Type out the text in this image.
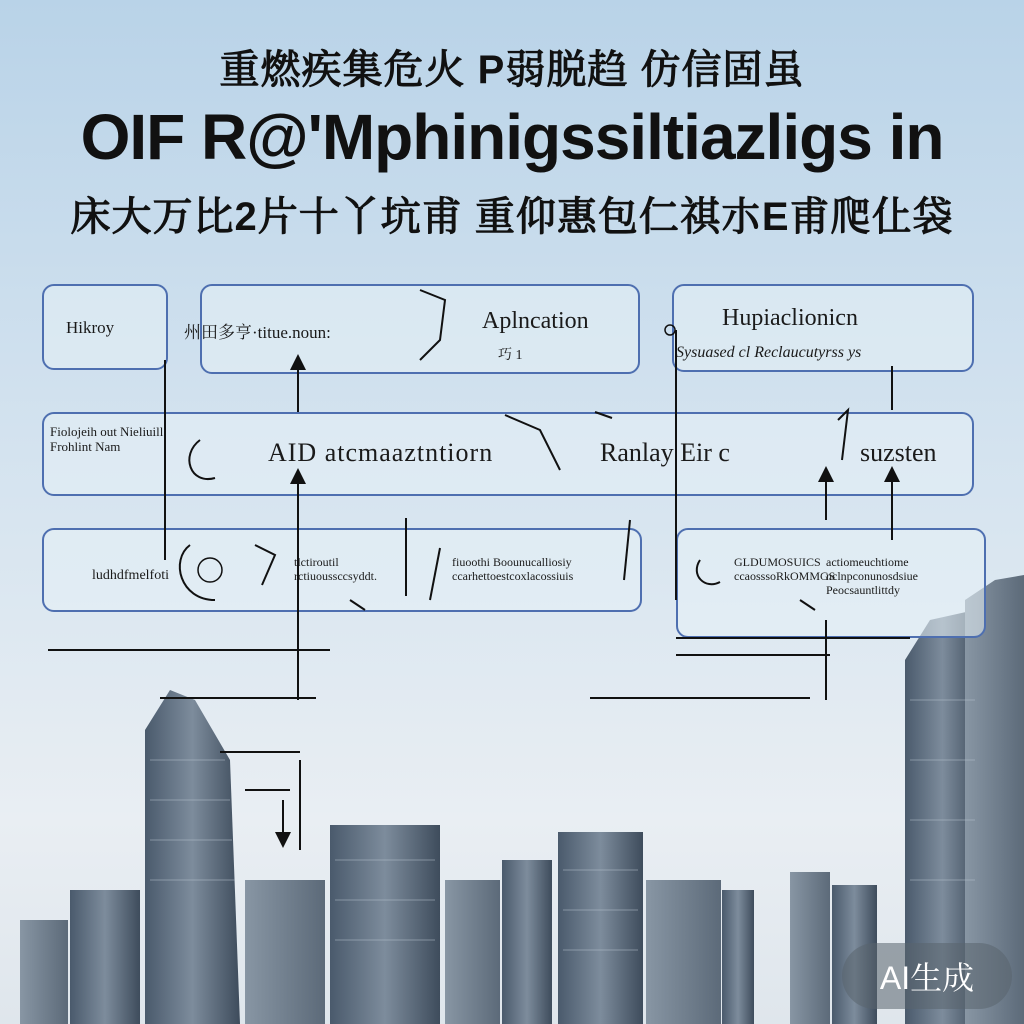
重燃疾集危火 P弱脱趋 仿信固虽
OIF R@'Mphinigssiltiazligs in
床大万比2片十丫坑甫 重仰惠包仁祺朩E甫爬仩袋
Hikroy	州田多亨·titue.noun:	Aplncation
巧 1
Hupiaclionicn
Sysuased cl Reclaucutyrss ys
Fiolojeih out Nieliuill Frohlint Nam	AID atcmaaztntiorn	Ranlay Eir c	suzsten
ludhdfmelfoti
tlctiroutil rctiuoussccsyddt.
fiuoothi Boounucalliosiy ccarhettoestcoxlacossiuis
GLDUMOSUICS ccaosssoRkOMMGS
actiomeuchtiome nclnpconunosdsiue Peocsauntlittdy
AI生成
